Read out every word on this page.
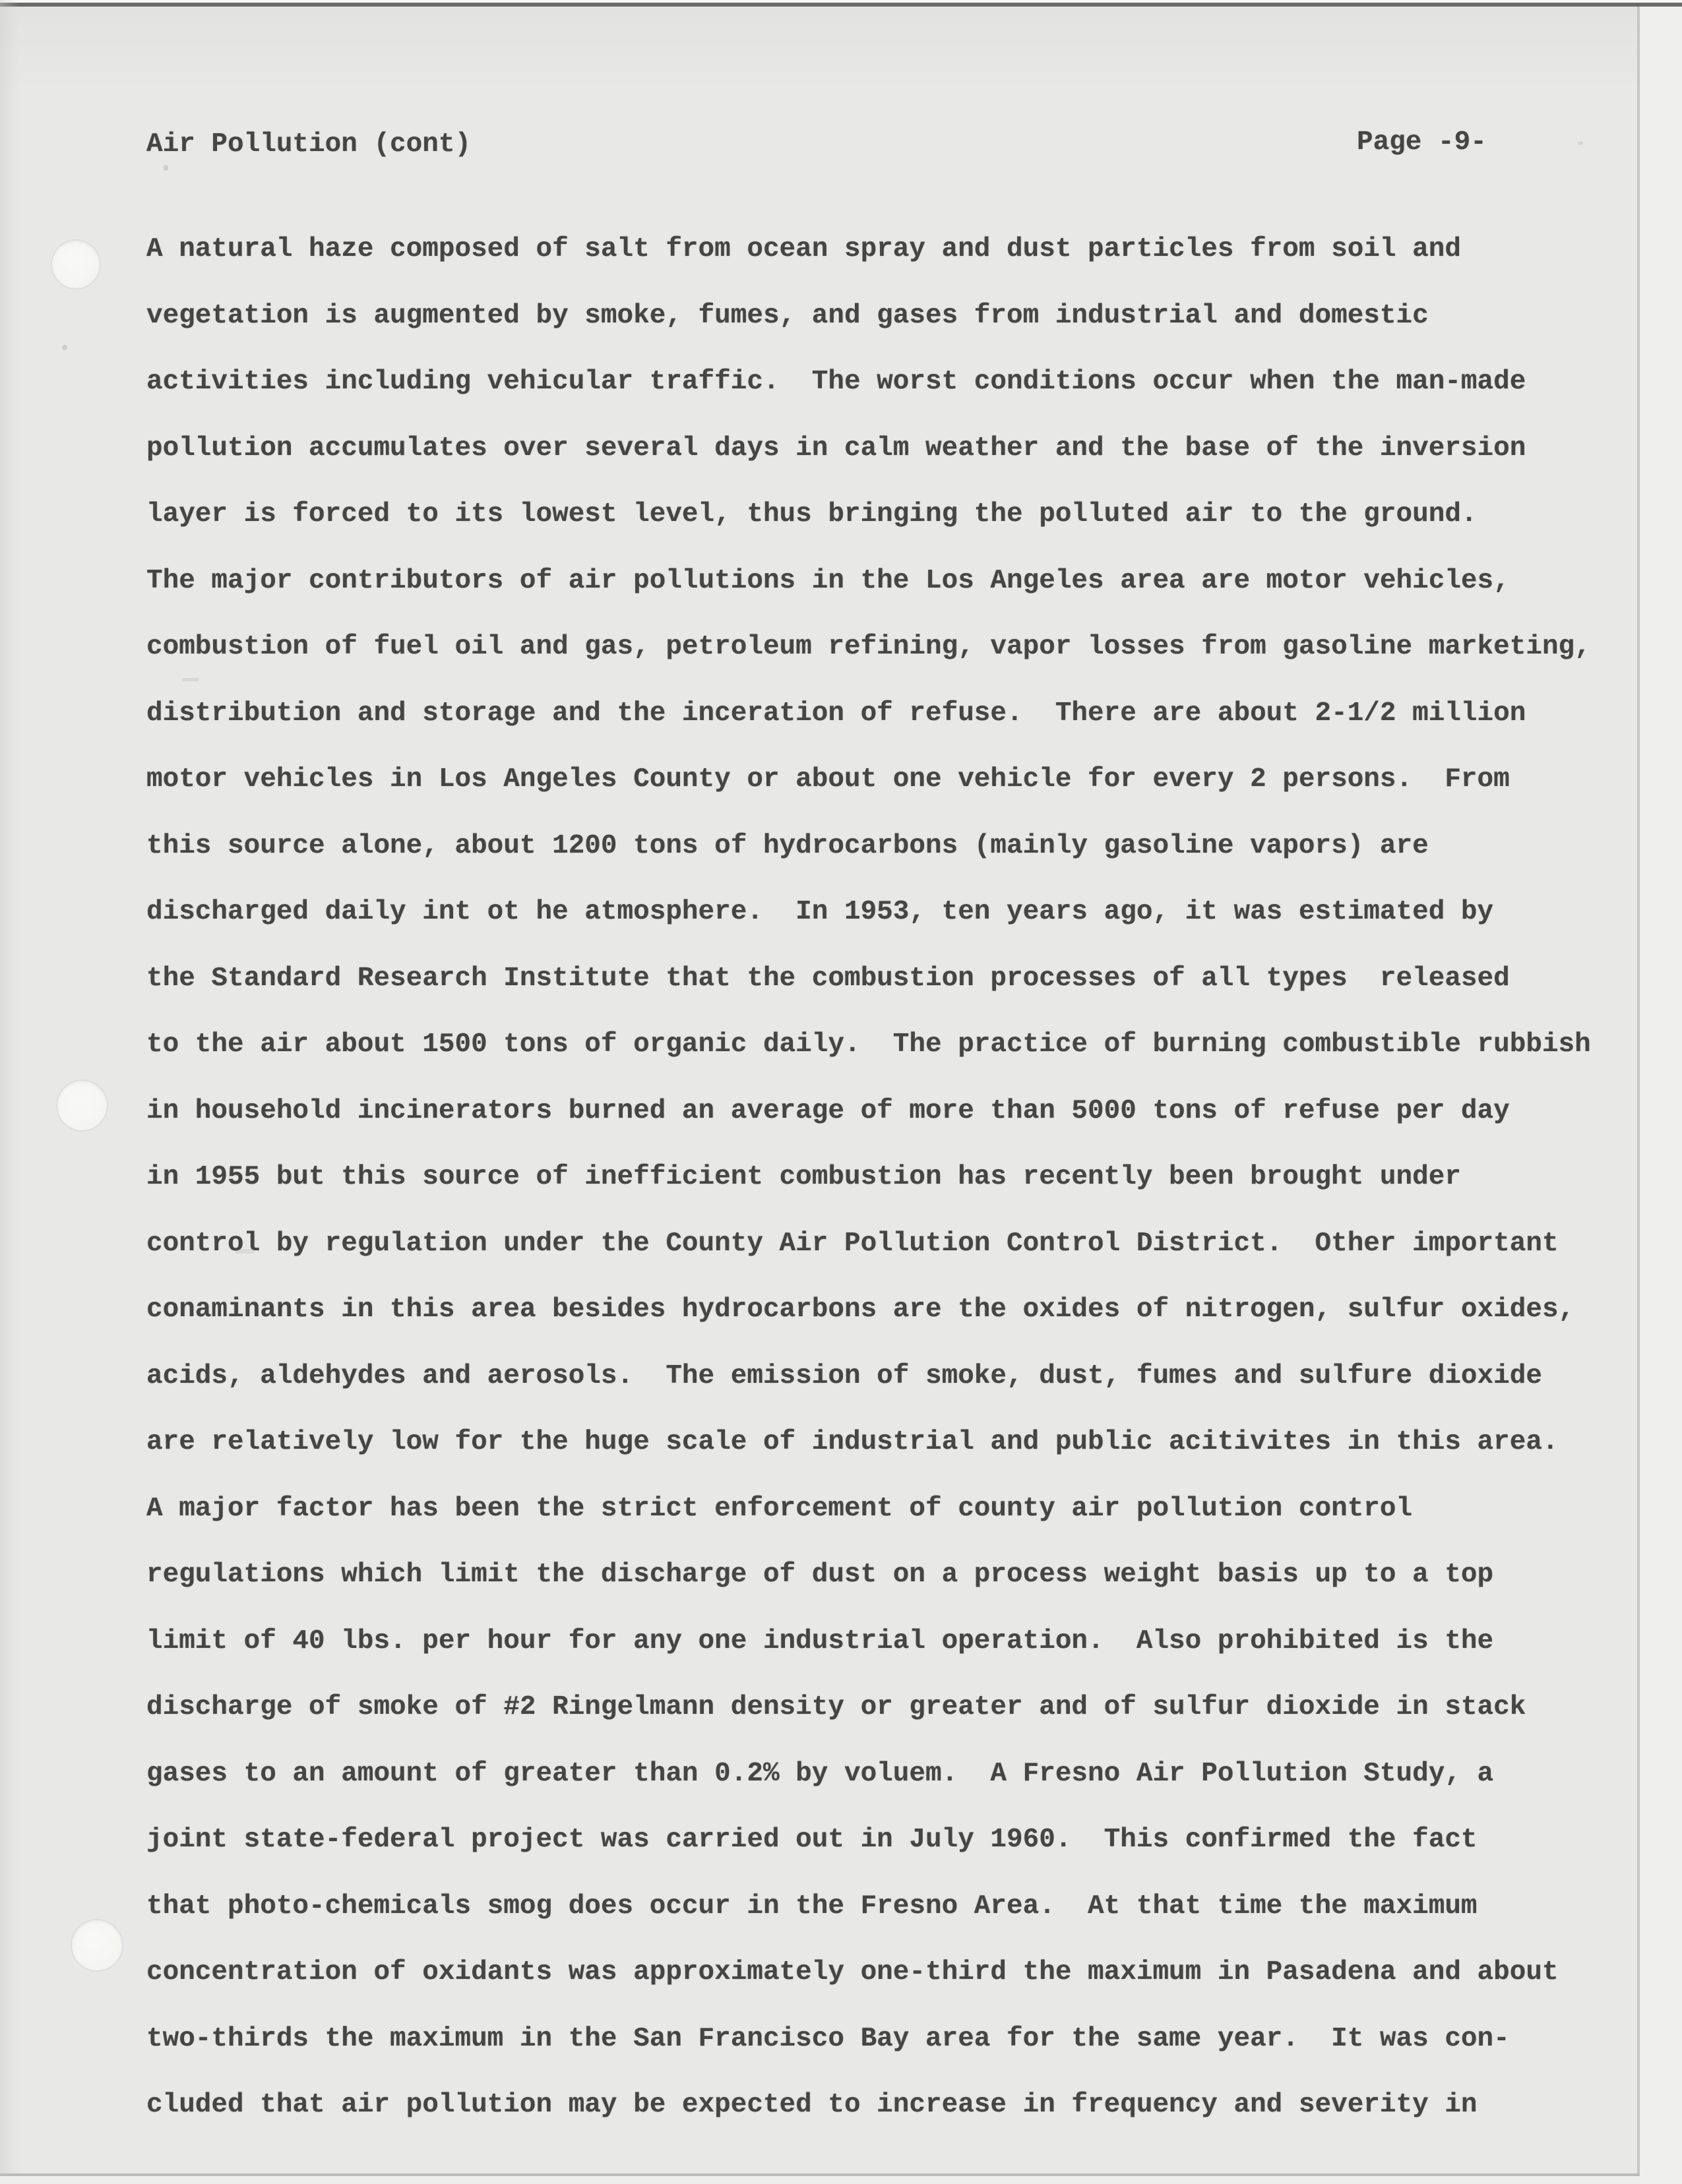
Air Pollution (cont)	Page -9-
A natural haze composed of salt from ocean spray and dust particles from soil and
vegetation is augmented by smoke, fumes, and gases from industrial and domestic
activities including vehicular traffic.  The worst conditions occur when the man-made
pollution accumulates over several days in calm weather and the base of the inversion
layer is forced to its lowest level, thus bringing the polluted air to the ground.
The major contributors of air pollutions in the Los Angeles area are motor vehicles,
combustion of fuel oil and gas, petroleum refining, vapor losses from gasoline marketing,
distribution and storage and the inceration of refuse.  There are about 2-1/2 million
motor vehicles in Los Angeles County or about one vehicle for every 2 persons.  From
this source alone, about 1200 tons of hydrocarbons (mainly gasoline vapors) are
discharged daily int ot he atmosphere.  In 1953, ten years ago, it was estimated by
the Standard Research Institute that the combustion processes of all types  released
to the air about 1500 tons of organic daily.  The practice of burning combustible rubbish
in household incinerators burned an average of more than 5000 tons of refuse per day
in 1955 but this source of inefficient combustion has recently been brought under
control by regulation under the County Air Pollution Control District.  Other important
conaminants in this area besides hydrocarbons are the oxides of nitrogen, sulfur oxides,
acids, aldehydes and aerosols.  The emission of smoke, dust, fumes and sulfure dioxide
are relatively low for the huge scale of industrial and public acitivites in this area.
A major factor has been the strict enforcement of county air pollution control
regulations which limit the discharge of dust on a process weight basis up to a top
limit of 40 lbs. per hour for any one industrial operation.  Also prohibited is the
discharge of smoke of #2 Ringelmann density or greater and of sulfur dioxide in stack
gases to an amount of greater than 0.2% by voluem.  A Fresno Air Pollution Study, a
joint state-federal project was carried out in July 1960.  This confirmed the fact
that photo-chemicals smog does occur in the Fresno Area.  At that time the maximum
concentration of oxidants was approximately one-third the maximum in Pasadena and about
two-thirds the maximum in the San Francisco Bay area for the same year.  It was con-
cluded that air pollution may be expected to increase in frequency and severity in
